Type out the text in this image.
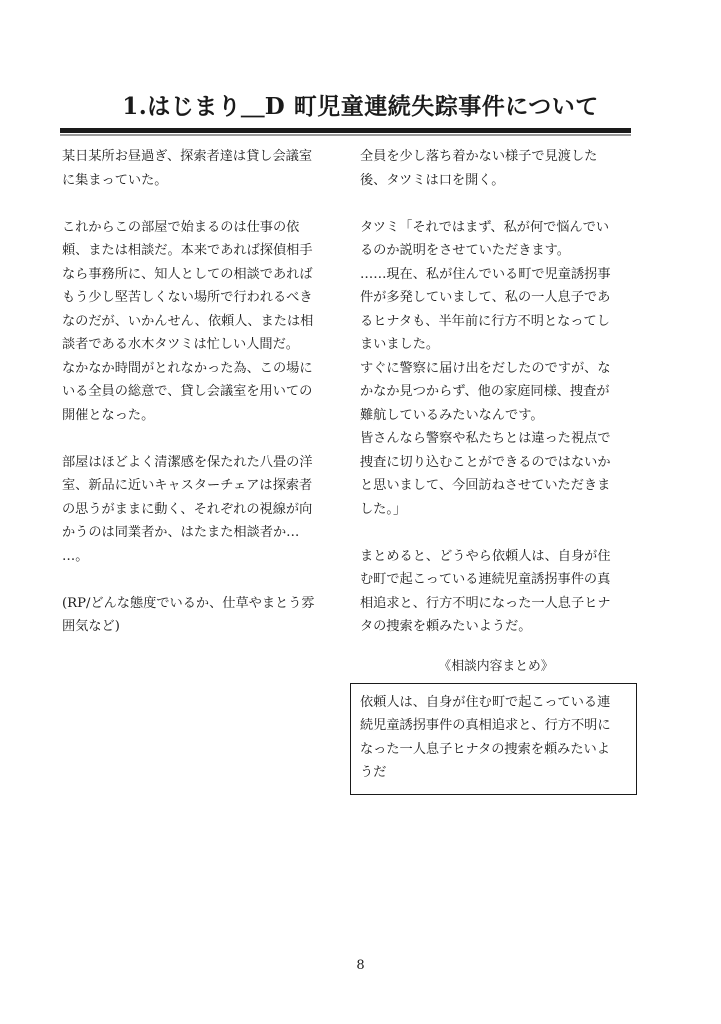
1.はじまり＿D 町児童連続失踪事件について

某日某所お昼過ぎ、探索者達は貸し会議室
に集まっていた。

これからこの部屋で始まるのは仕事の依
頼、または相談だ。本来であれば探偵相手
なら事務所に、知人としての相談であれば
もう少し堅苦しくない場所で行われるべき
なのだが、いかんせん、依頼人、または相
談者である水木タツミは忙しい人間だ。
なかなか時間がとれなかった為、この場に
いる全員の総意で、貸し会議室を用いての
開催となった。

部屋はほどよく清潔感を保たれた八畳の洋
室、新品に近いキャスターチェアは探索者
の思うがままに動く、それぞれの視線が向
かうのは同業者か、はたまた相談者か…
…。

(RP/どんな態度でいるか、仕草やまとう雰
囲気など)

全員を少し落ち着かない様子で見渡した
後、タツミは口を開く。

タツミ「それではまず、私が何で悩んでい
るのか説明をさせていただきます。
……現在、私が住んでいる町で児童誘拐事
件が多発していまして、私の一人息子であ
るヒナタも、半年前に行方不明となってし
まいました。
すぐに警察に届け出をだしたのですが、な
かなか見つからず、他の家庭同様、捜査が
難航しているみたいなんです。
皆さんなら警察や私たちとは違った視点で
捜査に切り込むことができるのではないか
と思いまして、今回訪ねさせていただきま
した。」

まとめると、どうやら依頼人は、自身が住
む町で起こっている連続児童誘拐事件の真
相追求と、行方不明になった一人息子ヒナ
タの捜索を頼みたいようだ。

《相談内容まとめ》

依頼人は、自身が住む町で起こっている連
続児童誘拐事件の真相追求と、行方不明に
なった一人息子ヒナタの捜索を頼みたいよ
うだ

8
